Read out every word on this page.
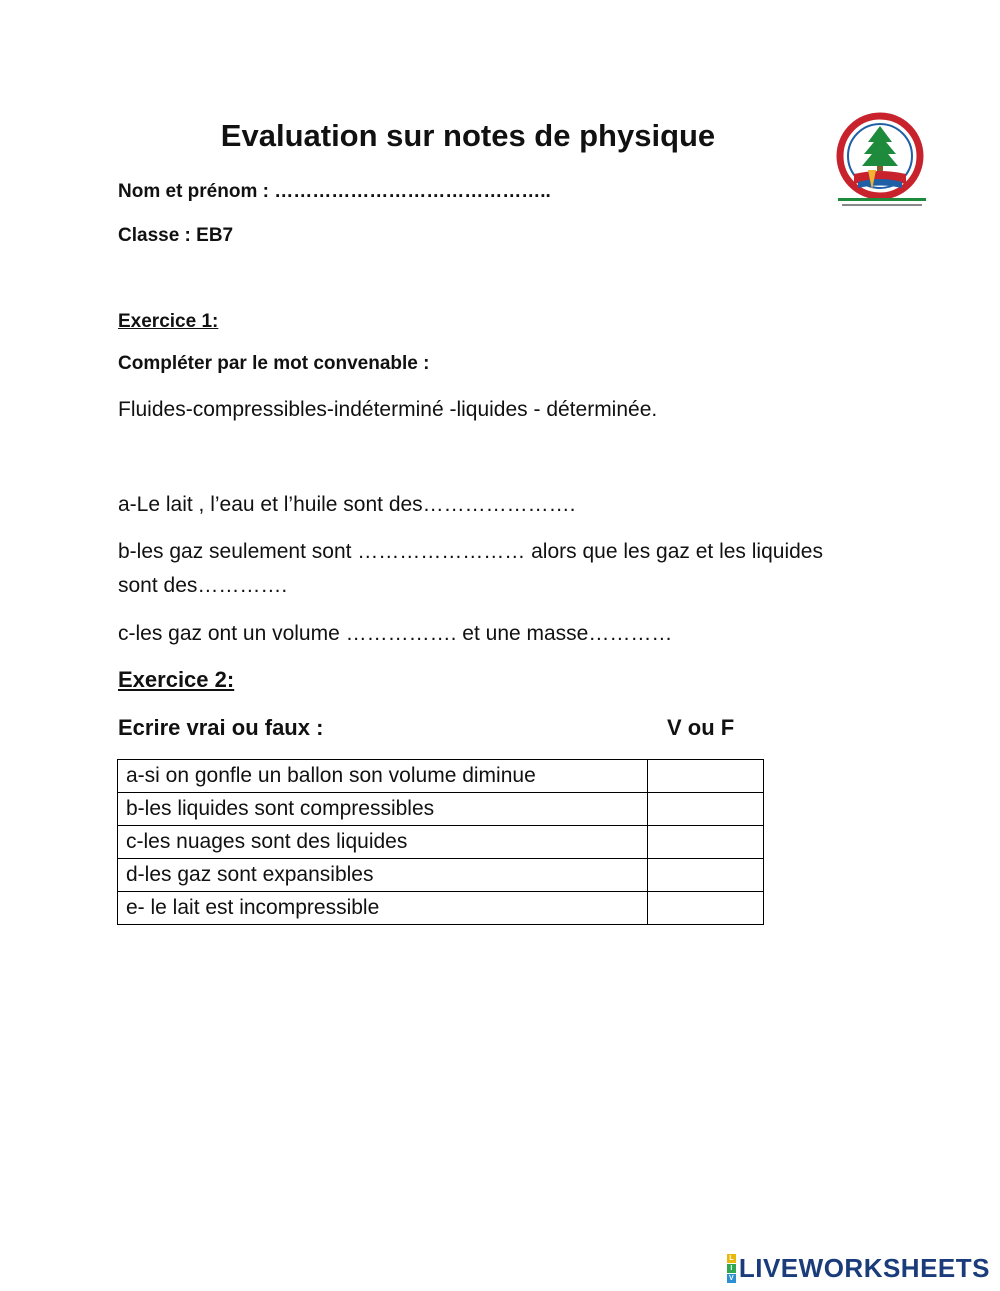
Evaluation sur notes de physique
Nom et prénom : ……………………………………..
Classe : EB7
Exercice 1:
Compléter par le mot convenable :
Fluides-compressibles-indéterminé -liquides - déterminée.
a-Le lait , l’eau et l’huile sont des………………….
b-les gaz seulement sont …………………… alors que les gaz et les liquides
sont des………….
c-les gaz ont un volume ……………. et une masse…………
Exercice 2:
Ecrire vrai ou faux :	V ou F
a-si on gonfle un ballon son volume diminue	
b-les liquides sont compressibles	
c-les nuages sont des liquides	
d-les gaz sont expansibles	
e- le lait est incompressible	
L
I
V LIVEWORKSHEETS
